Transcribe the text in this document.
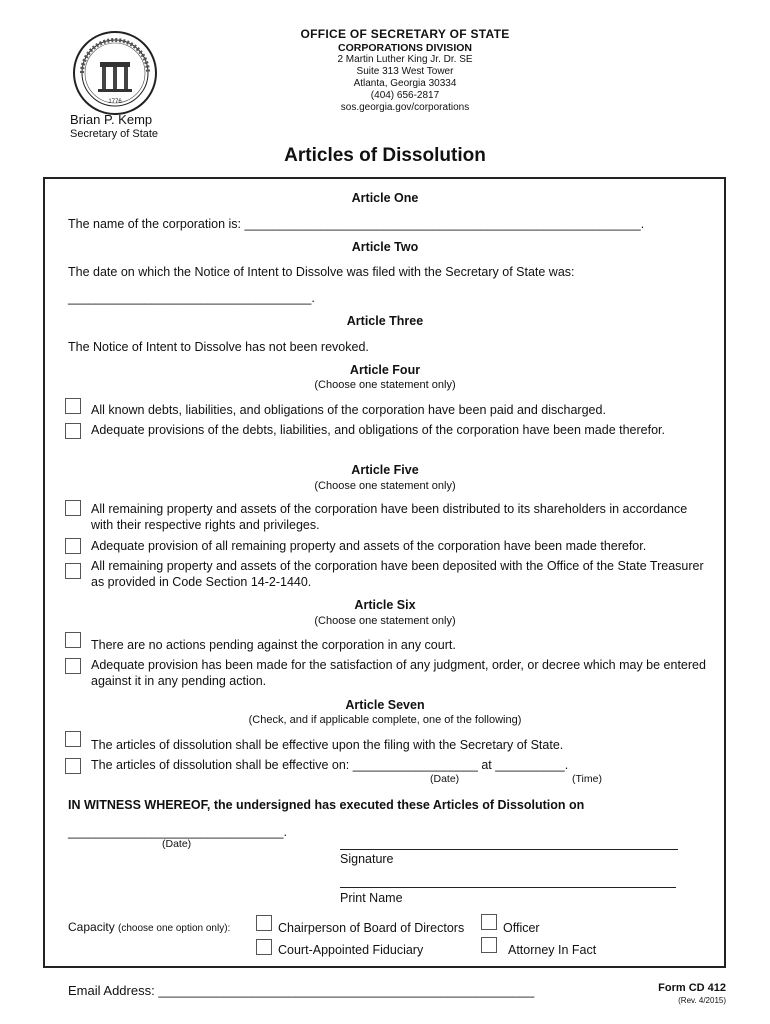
1776
Brian P. Kemp
Secretary of State
OFFICE OF SECRETARY OF STATE
CORPORATIONS DIVISION
2 Martin Luther King Jr. Dr. SE
Suite 313 West Tower
Atlanta, Georgia 30334
(404) 656-2817
sos.georgia.gov/corporations
Articles of Dissolution
Article One
The name of the corporation is: _________________________________________________________.
Article Two
The date on which the Notice of Intent to Dissolve was filed with the Secretary of State was:
___________________________________.
Article Three
The Notice of Intent to Dissolve has not been revoked.
Article Four
(Choose one statement only)
All known debts, liabilities, and obligations of the corporation have been paid and discharged.
Adequate provisions of the debts, liabilities, and obligations of the corporation have been made therefor.
Article Five
(Choose one statement only)
All remaining property and assets of the corporation have been distributed to its shareholders in accordance with their respective rights and privileges.
Adequate provision of all remaining property and assets of the corporation have been made therefor.
All remaining property and assets of the corporation have been deposited with the Office of the State Treasurer as provided in Code Section 14-2-1440.
Article Six
(Choose one statement only)
There are no actions pending against the corporation in any court.
Adequate provision has been made for the satisfaction of any judgment, order, or decree which may be entered against it in any pending action.
Article Seven
(Check, and if applicable complete, one of the following)
The articles of dissolution shall be effective upon the filing with the Secretary of State.
The articles of dissolution shall be effective on: __________________ at __________.
(Date)	(Time)
IN WITNESS WHEREOF, the undersigned has executed these Articles of Dissolution on
_______________________________.
(Date)
Signature
Print Name
Capacity (choose one option only):	Chairperson of Board of Directors	Officer
Court-Appointed Fiduciary	Attorney In Fact
Email Address: ____________________________________________________	Form CD 412
(Rev. 4/2015)
